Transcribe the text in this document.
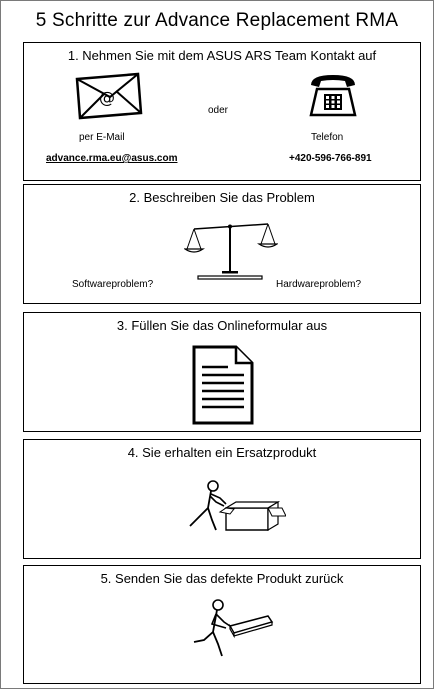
5 Schritte zur Advance Replacement RMA
1. Nehmen Sie mit dem ASUS ARS Team Kontakt auf
@
oder
per E-Mail	Telefon
advance.rma.eu@asus.com	+420-596-766-891
2. Beschreiben Sie das Problem
Softwareproblem?	Hardwareproblem?
3. Füllen Sie das Onlineformular aus
4. Sie erhalten ein Ersatzprodukt
5. Senden Sie das defekte Produkt zurück
